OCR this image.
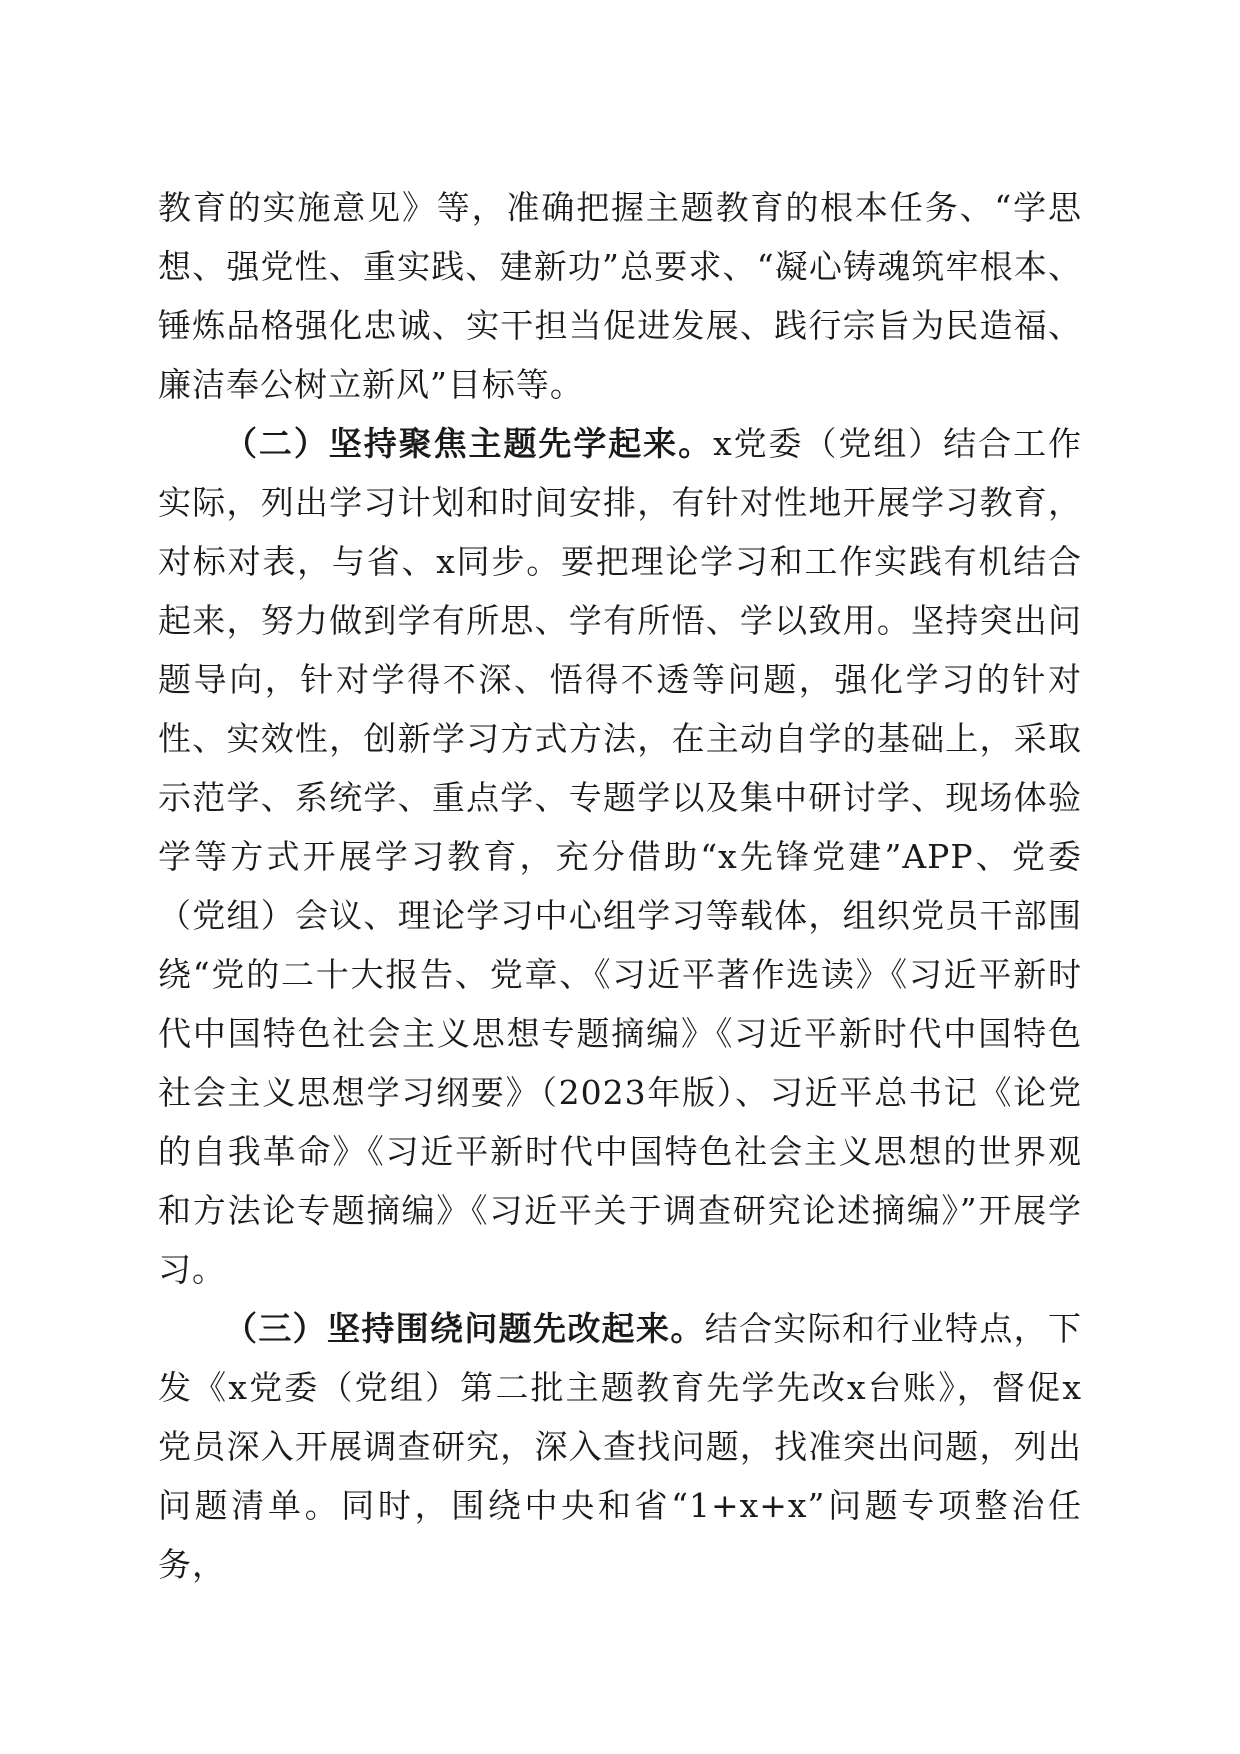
教育的实施意见》等，准确把握主题教育的根本任务、“学思想、强党性、重实践、建新功”总要求、“凝心铸魂筑牢根本、锤炼品格强化忠诚、实干担当促进发展、践行宗旨为民造福、廉洁奉公树立新风”目标等。

（二）坚持聚焦主题先学起来。x党委（党组）结合工作实际，列出学习计划和时间安排，有针对性地开展学习教育，对标对表，与省、x同步。要把理论学习和工作实践有机结合起来，努力做到学有所思、学有所悟、学以致用。坚持突出问题导向，针对学得不深、悟得不透等问题，强化学习的针对性、实效性，创新学习方式方法，在主动自学的基础上，采取示范学、系统学、重点学、专题学以及集中研讨学、现场体验学等方式开展学习教育，充分借助“x先锋党建”APP、党委（党组）会议、理论学习中心组学习等载体，组织党员干部围绕“党的二十大报告、党章、《习近平著作选读》《习近平新时代中国特色社会主义思想专题摘编》《习近平新时代中国特色社会主义思想学习纲要》（2023年版）、习近平总书记《论党的自我革命》《习近平新时代中国特色社会主义思想的世界观和方法论专题摘编》《习近平关于调查研究论述摘编》”开展学习。

（三）坚持围绕问题先改起来。结合实际和行业特点，下发《x党委（党组）第二批主题教育先学先改x台账》，督促x党员深入开展调查研究，深入查找问题，找准突出问题，列出问题清单。同时，围绕中央和省“1+x+x”问题专项整治任务，
